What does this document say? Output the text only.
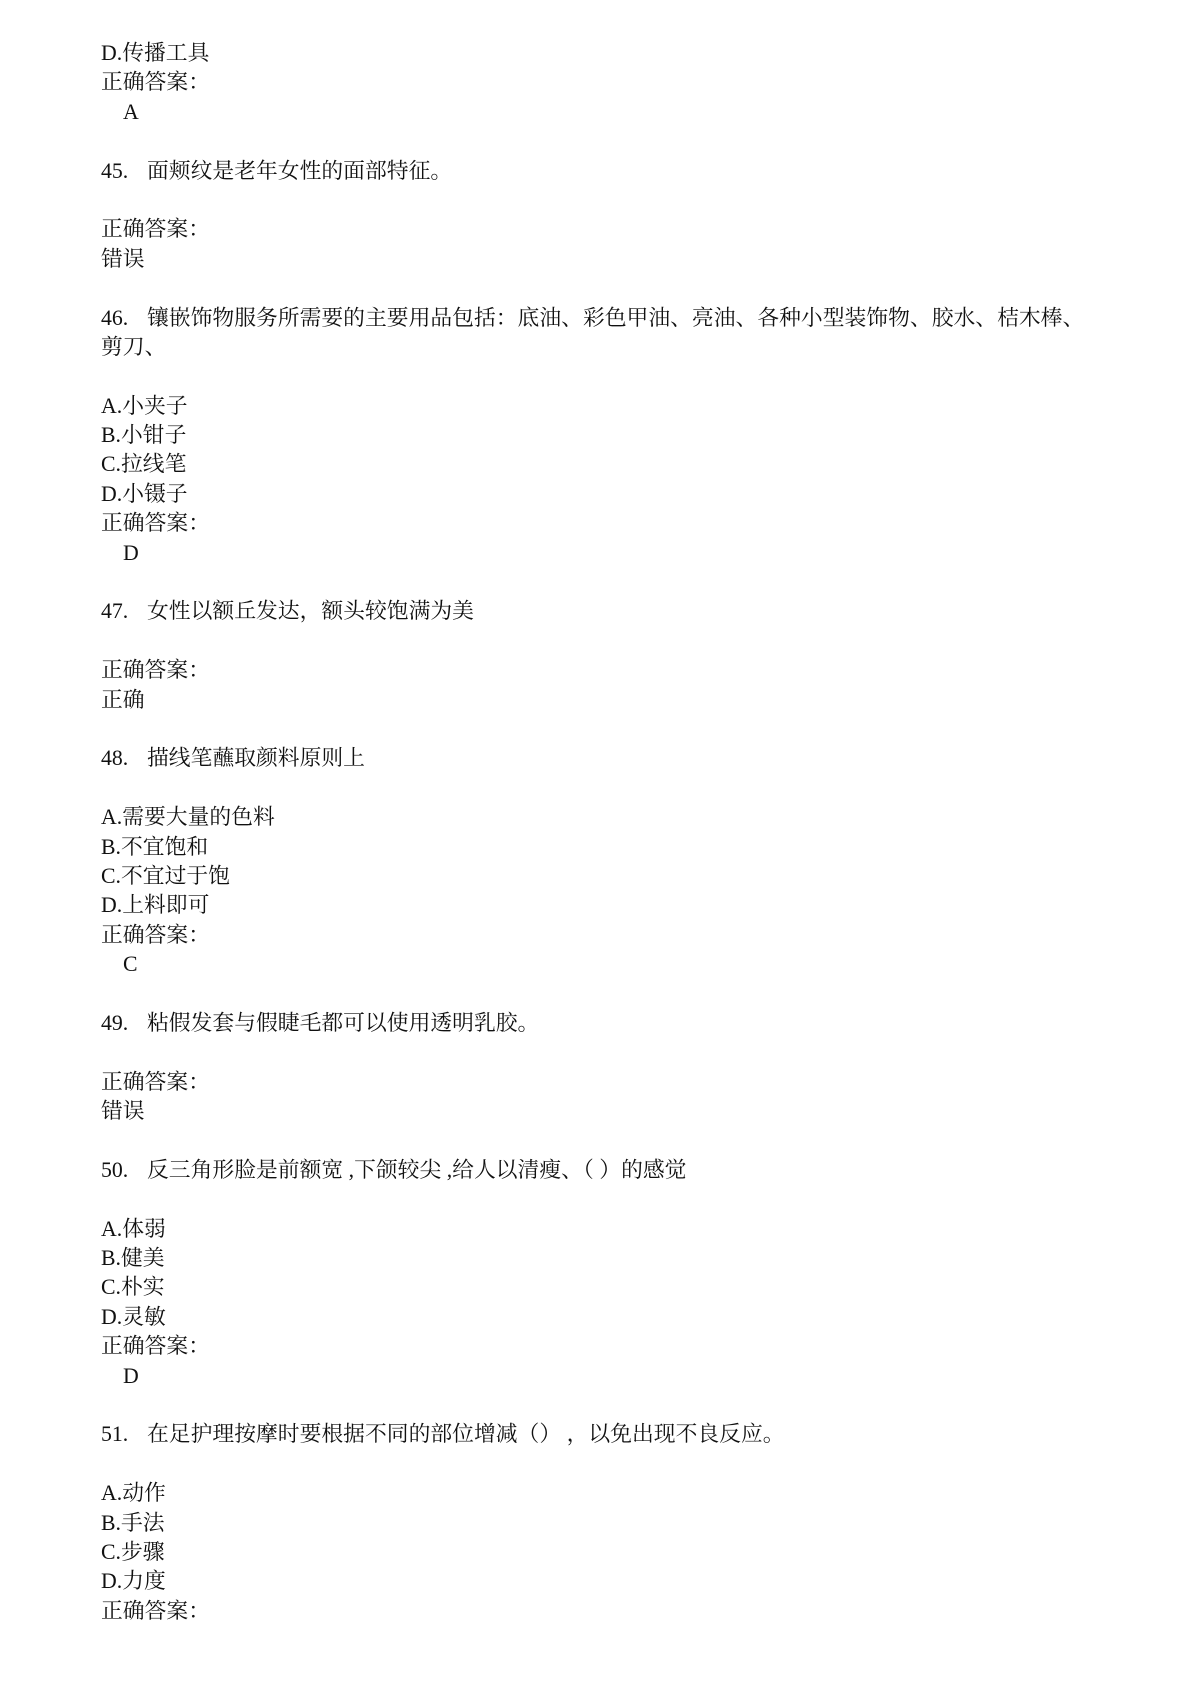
D.传播工具
正确答案：
A
45. 面颊纹是老年女性的面部特征。
正确答案：
错误
46. 镶嵌饰物服务所需要的主要用品包括：底油、彩色甲油、亮油、各种小型装饰物、胶水、桔木棒、
剪刀、
A.小夹子
B.小钳子
C.拉线笔
D.小镊子
正确答案：
D
47. 女性以额丘发达，额头较饱满为美
正确答案：
正确
48. 描线笔蘸取颜料原则上
A.需要大量的色料
B.不宜饱和
C.不宜过于饱
D.上料即可
正确答案：
C
49. 粘假发套与假睫毛都可以使用透明乳胶。
正确答案：
错误
50. 反三角形脸是前额宽 ,下颌较尖 ,给人以清瘦、（ ）的感觉
A.体弱
B.健美
C.朴实
D.灵敏
正确答案：
D
51. 在足护理按摩时要根据不同的部位增减（） ，以免出现不良反应。
A.动作
B.手法
C.步骤
D.力度
正确答案：
